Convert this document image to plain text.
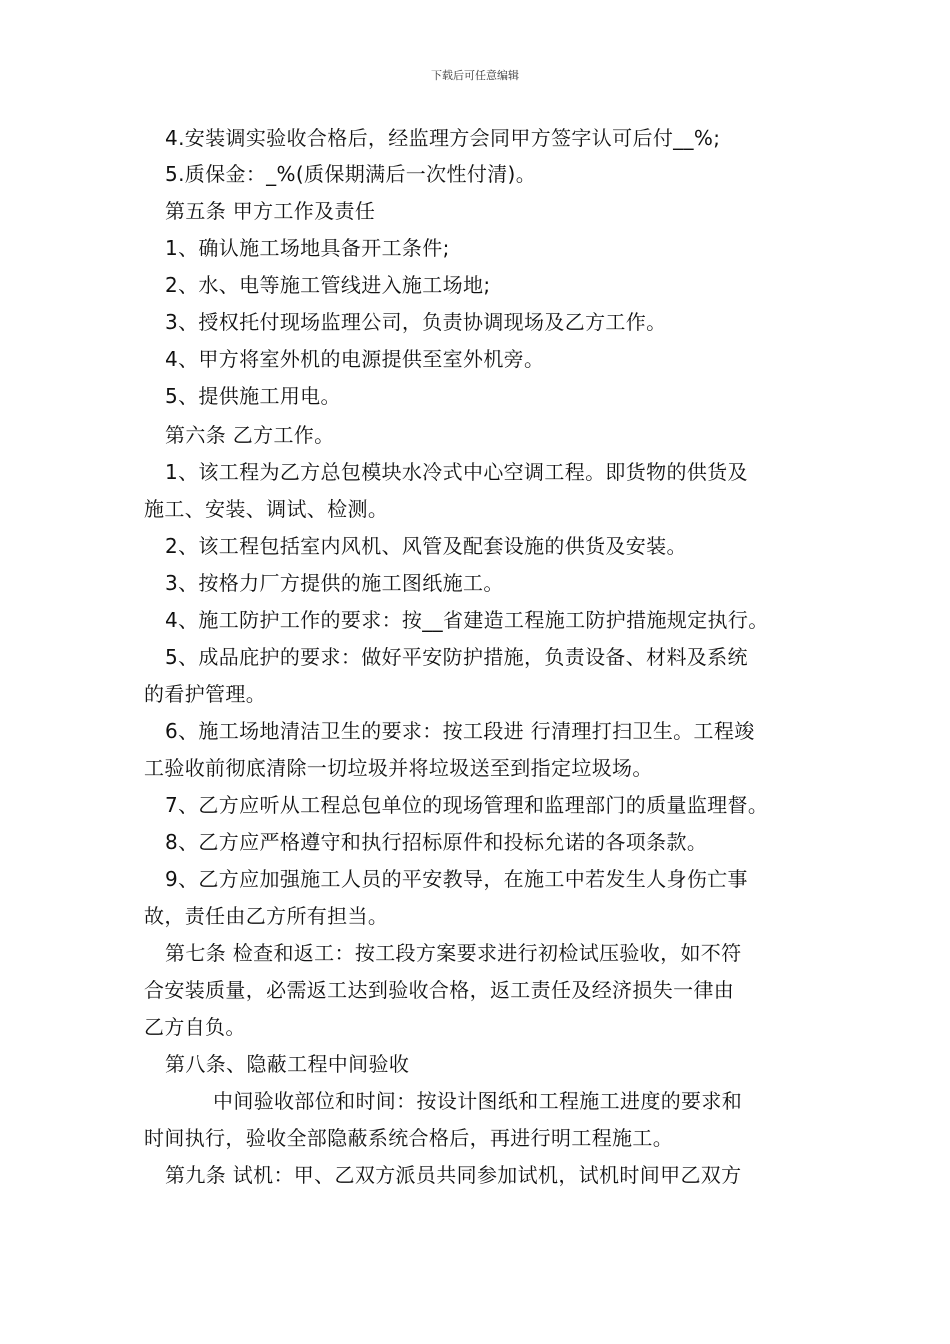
下载后可任意编辑
4.安装调实验收合格后，经监理方会同甲方签字认可后付__%;
5.质保金：_%(质保期满后一次性付清)。
第五条 甲方工作及责任
1、确认施工场地具备开工条件;
2、水、电等施工管线进入施工场地;
3、授权托付现场监理公司，负责协调现场及乙方工作。
4、甲方将室外机的电源提供至室外机旁。
5、提供施工用电。
第六条 乙方工作。
1、该工程为乙方总包模块水冷式中心空调工程。即货物的供货及
施工、安装、调试、检测。
2、该工程包括室内风机、风管及配套设施的供货及安装。
3、按格力厂方提供的施工图纸施工。
4、施工防护工作的要求：按__省建造工程施工防护措施规定执行。
5、成品庇护的要求：做好平安防护措施，负责设备、材料及系统
的看护管理。
6、施工场地清洁卫生的要求：按工段进 行清理打扫卫生。工程竣
工验收前彻底清除一切垃圾并将垃圾送至到指定垃圾场。
7、乙方应听从工程总包单位的现场管理和监理部门的质量监理督。
8、乙方应严格遵守和执行招标原件和投标允诺的各项条款。
9、乙方应加强施工人员的平安教导，在施工中若发生人身伤亡事
故，责任由乙方所有担当。
第七条 检查和返工：按工段方案要求进行初检试压验收，如不符
合安装质量，必需返工达到验收合格，返工责任及经济损失一律由
乙方自负。
第八条、隐蔽工程中间验收
中间验收部位和时间：按设计图纸和工程施工进度的要求和
时间执行，验收全部隐蔽系统合格后，再进行明工程施工。
第九条 试机：甲、乙双方派员共同参加试机，试机时间甲乙双方
